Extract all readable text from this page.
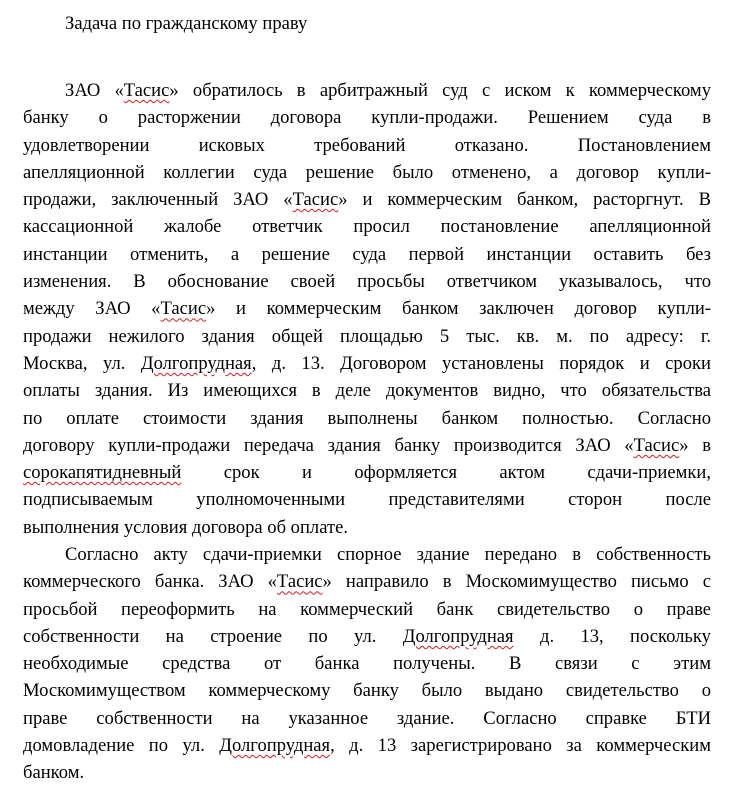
Задача по гражданскому праву
ЗАО «Тасис» обратилось в арбитражный суд с иском к коммерческому
банку о расторжении договора купли-продажи. Решением суда в
удовлетворении исковых требований отказано. Постановлением
апелляционной коллегии суда решение было отменено, а договор купли-
продажи, заключенный ЗАО «Тасис» и коммерческим банком, расторгнут. В
кассационной жалобе ответчик просил постановление апелляционной
инстанции отменить, а решение суда первой инстанции оставить без
изменения. В обоснование своей просьбы ответчиком указывалось, что
между ЗАО «Тасис» и коммерческим банком заключен договор купли-
продажи нежилого здания общей площадью 5 тыс. кв. м. по адресу: г.
Москва, ул. Долгопрудная, д. 13. Договором установлены порядок и сроки
оплаты здания. Из имеющихся в деле документов видно, что обязательства
по оплате стоимости здания выполнены банком полностью. Согласно
договору купли-продажи передача здания банку производится ЗАО «Тасис» в
сорокапятидневный срок и оформляется актом сдачи-приемки,
подписываемым уполномоченными представителями сторон после
выполнения условия договора об оплате.
Согласно акту сдачи-приемки спорное здание передано в собственность
коммерческого банка. ЗАО «Тасис» направило в Москомимущество письмо с
просьбой переоформить на коммерческий банк свидетельство о праве
собственности на строение по ул. Долгопрудная д. 13, поскольку
необходимые средства от банка получены. В связи с этим
Москомимуществом коммерческому банку было выдано свидетельство о
праве собственности на указанное здание. Согласно справке БТИ
домовладение по ул. Долгопрудная, д. 13 зарегистрировано за коммерческим
банком.
